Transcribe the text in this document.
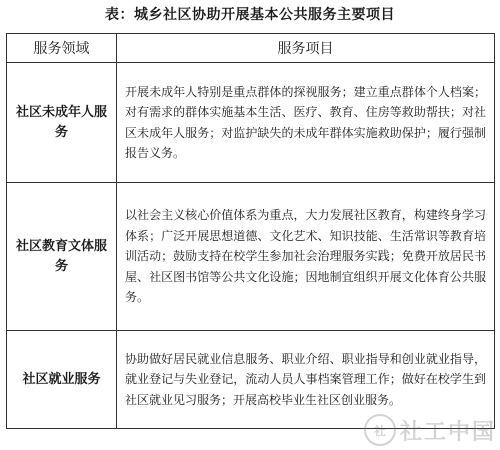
表：城乡社区协助开展基本公共服务主要项目
服务领域	服务项目
社区未成年人服务	开展未成年人特别是重点群体的探视服务；建立重点群体个人档案；对有需求的群体实施基本生活、医疗、教育、住房等救助帮扶；对社区未成年人服务；对监护缺失的未成年群体实施救助保护；履行强制报告义务。
社区教育文体服务	以社会主义核心价值体系为重点，大力发展社区教育，构建终身学习体系；广泛开展思想道德、文化艺术、知识技能、生活常识等教育培训活动；鼓励支持在校学生参加社会治理服务实践；免费开放居民书屋、社区图书馆等公共文化设施；因地制宜组织开展文化体育公共服务。
社区就业服务	协助做好居民就业信息服务、职业介绍、职业指导和创业就业指导，就业登记与失业登记，流动人员人事档案管理工作；做好在校学生到社区就业见习服务；开展高校毕业生社区创业服务。
社 社工中国
